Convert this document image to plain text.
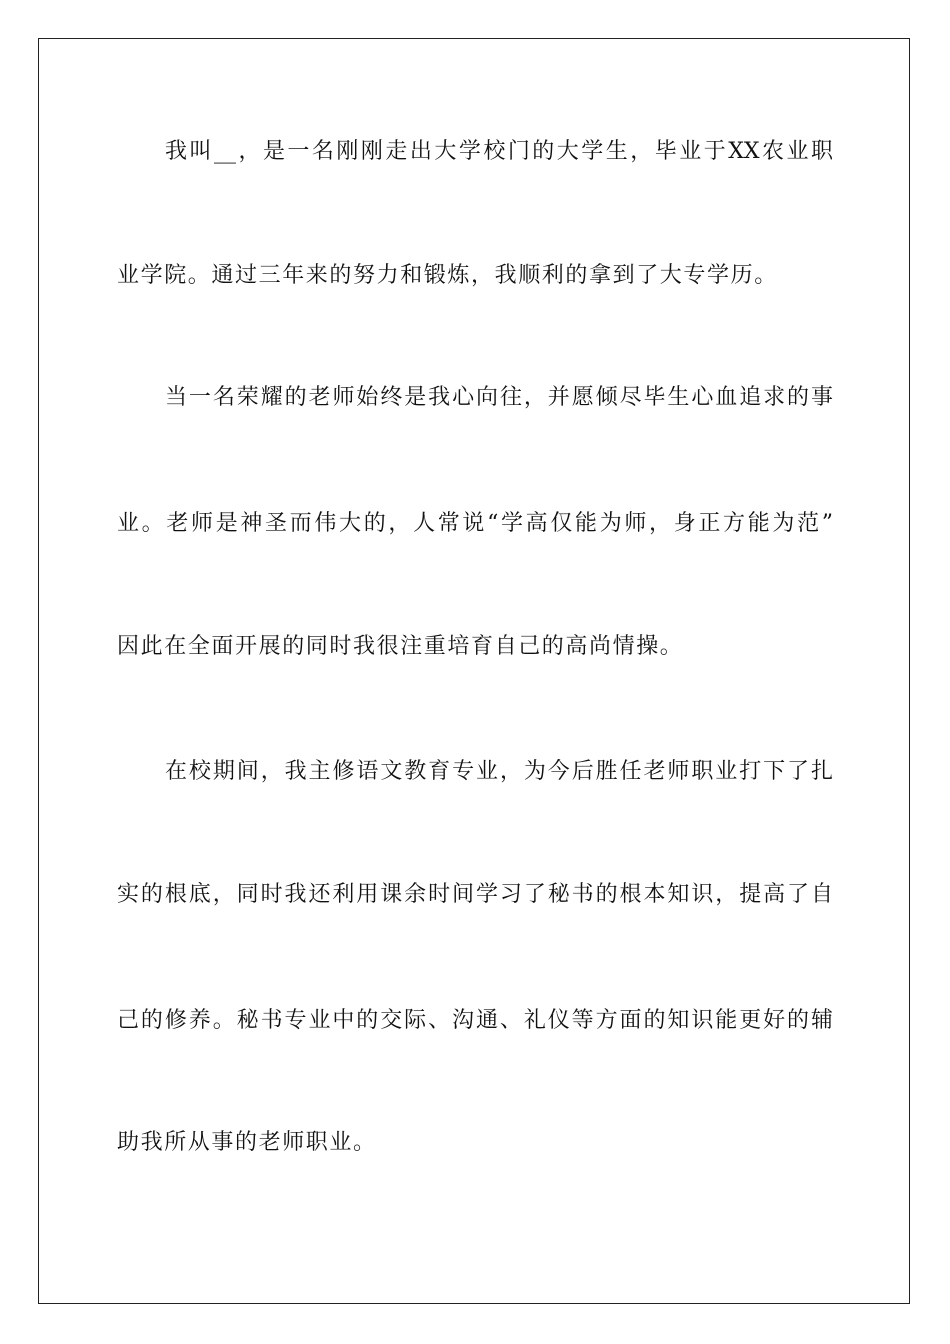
我叫__，是一名刚刚走出大学校门的大学生，毕业于XX农业职
业学院。通过三年来的努力和锻炼，我顺利的拿到了大专学历。
当一名荣耀的老师始终是我心向往，并愿倾尽毕生心血追求的事
业。老师是神圣而伟大的，人常说“学高仅能为师，身正方能为范”
因此在全面开展的同时我很注重培育自己的高尚情操。
在校期间，我主修语文教育专业，为今后胜任老师职业打下了扎
实的根底，同时我还利用课余时间学习了秘书的根本知识，提高了自
己的修养。秘书专业中的交际、沟通、礼仪等方面的知识能更好的辅
助我所从事的老师职业。
